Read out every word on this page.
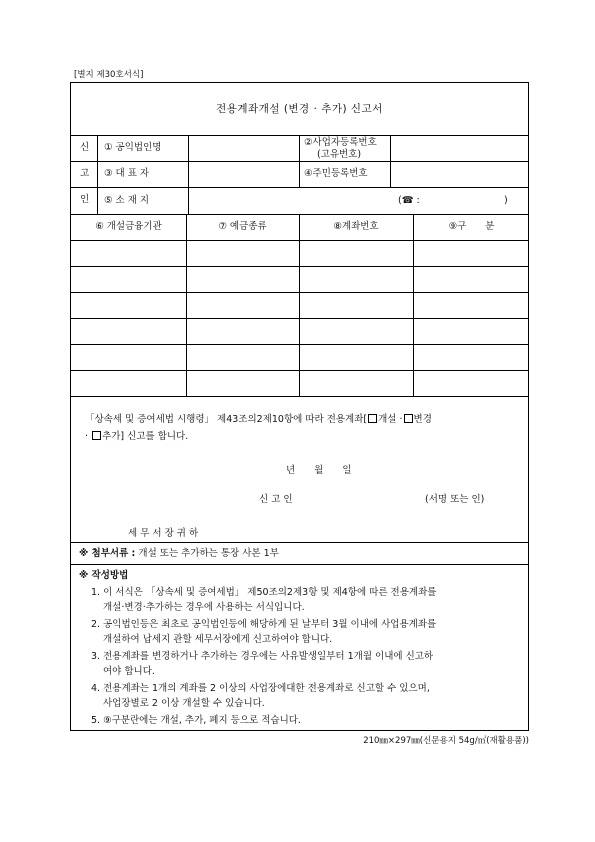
[별지 제30호서식]
전용계좌개설 (변경 · 추가) 신고서
신
고
인
① 공익법인명	②사업자등록번호
(고유번호)
③ 대 표 자	④주민등록번호
⑤ 소 재 지	(☎ :	)
⑥ 개설금융기관	⑦ 예금종류	⑧계좌번호	⑨구　　분
「상속세 및 증여세법 시행령」 제43조의2제10항에 따라 전용계좌[ 개설 · 변경
· 추가] 신고를 합니다.
년　　월　　일
신 고 인	(서명 또는 인)
세 무 서 장 귀 하
※ 첨부서류 : 개설 또는 추가하는 통장 사본 1부
※ 작성방법
1. 이 서식은 「상속세 및 증여세법」 제50조의2제3항 및 제4항에 따른 전용계좌를
개설·변경·추가하는 경우에 사용하는 서식입니다.
2. 공익법인등은 최초로 공익법인등에 해당하게 된 날부터 3월 이내에 사업용계좌를
개설하여 납세지 관할 세무서장에게 신고하여야 합니다.
3. 전용계좌를 변경하거나 추가하는 경우에는 사유발생일부터 1개월 이내에 신고하
여야 합니다.
4. 전용계좌는 1개의 계좌를 2 이상의 사업장에대한 전용계좌로 신고할 수 있으며,
사업장별로 2 이상 개설할 수 있습니다.
5. ⑨구분란에는 개설, 추가, 폐지 등으로 적습니다.
210㎜×297㎜(신문용지 54g/㎡(재활용품))
